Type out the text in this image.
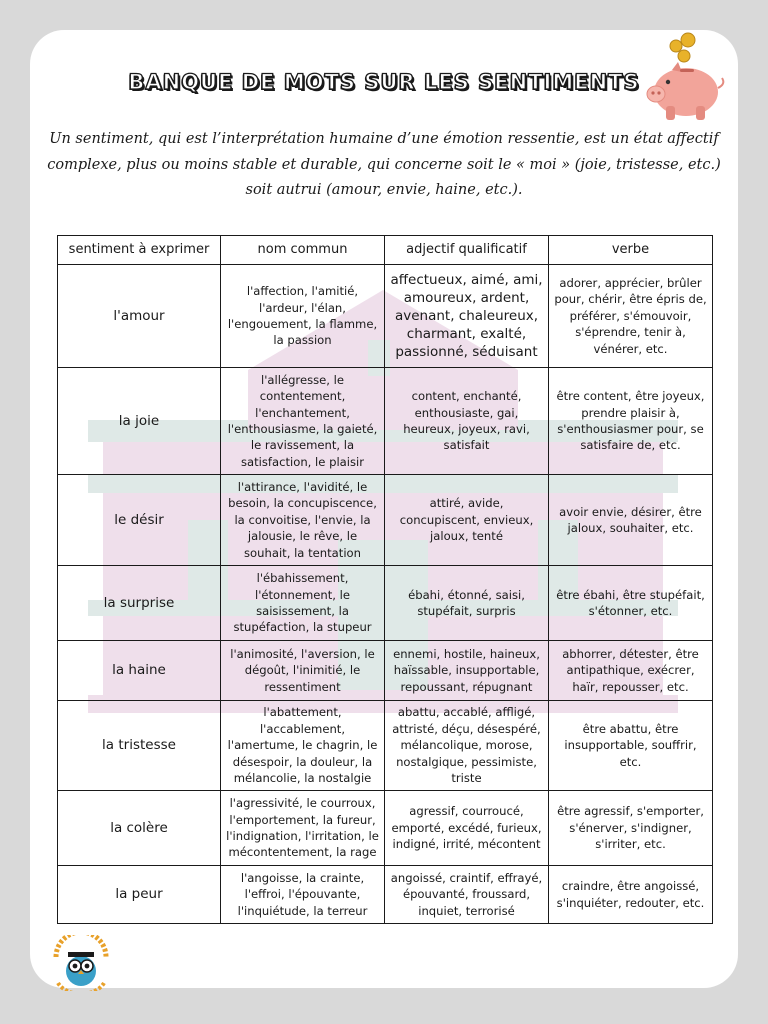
BANQUE DE MOTS SUR LES SENTIMENTS
Un sentiment, qui est l’interprétation humaine d’une émotion ressentie, est un état affectif complexe, plus ou moins stable et durable, qui concerne soit le « moi » (joie, tristesse, etc.) soit autrui (amour, envie, haine, etc.).
sentiment à exprimer	nom commun	adjectif qualificatif	verbe
l'amour	l'affection, l'amitié, l'ardeur, l'élan, l'engouement, la flamme, la passion	affectueux, aimé, ami, amoureux, ardent, avenant, chaleureux, charmant, exalté, passionné, séduisant	adorer, apprécier, brûler pour, chérir, être épris de, préférer, s'émouvoir, s'éprendre, tenir à, vénérer, etc.
la joie	l'allégresse, le contentement, l'enchantement, l'enthousiasme, la gaieté, le ravissement, la satisfaction, le plaisir	content, enchanté, enthousiaste, gai, heureux, joyeux, ravi, satisfait	être content, être joyeux, prendre plaisir à, s'enthousiasmer pour, se satisfaire de, etc.
le désir	l'attirance, l'avidité, le besoin, la concupiscence, la convoitise, l'envie, la jalousie, le rêve, le souhait, la tentation	attiré, avide, concupiscent, envieux, jaloux, tenté	avoir envie, désirer, être jaloux, souhaiter, etc.
la surprise	l'ébahissement, l'étonnement, le saisissement, la stupéfaction, la stupeur	ébahi, étonné, saisi, stupéfait, surpris	être ébahi, être stupéfait, s'étonner, etc.
la haine	l'animosité, l'aversion, le dégoût, l'inimitié, le ressentiment	ennemi, hostile, haineux, haïssable, insupportable, repoussant, répugnant	abhorrer, détester, être antipathique, exécrer, haïr, repousser, etc.
la tristesse	l'abattement, l'accablement, l'amertume, le chagrin, le désespoir, la douleur, la mélancolie, la nostalgie	abattu, accablé, affligé, attristé, déçu, désespéré, mélancolique, morose, nostalgique, pessimiste, triste	être abattu, être insupportable, souffrir, etc.
la colère	l'agressivité, le courroux, l'emportement, la fureur, l'indignation, l'irritation, le mécontentement, la rage	agressif, courroucé, emporté, excédé, furieux, indigné, irrité, mécontent	être agressif, s'emporter, s'énerver, s'indigner, s'irriter, etc.
la peur	l'angoisse, la crainte, l'effroi, l'épouvante, l'inquiétude, la terreur	angoissé, craintif, effrayé, épouvanté, froussard, inquiet, terrorisé	craindre, être angoissé, s'inquiéter, redouter, etc.
